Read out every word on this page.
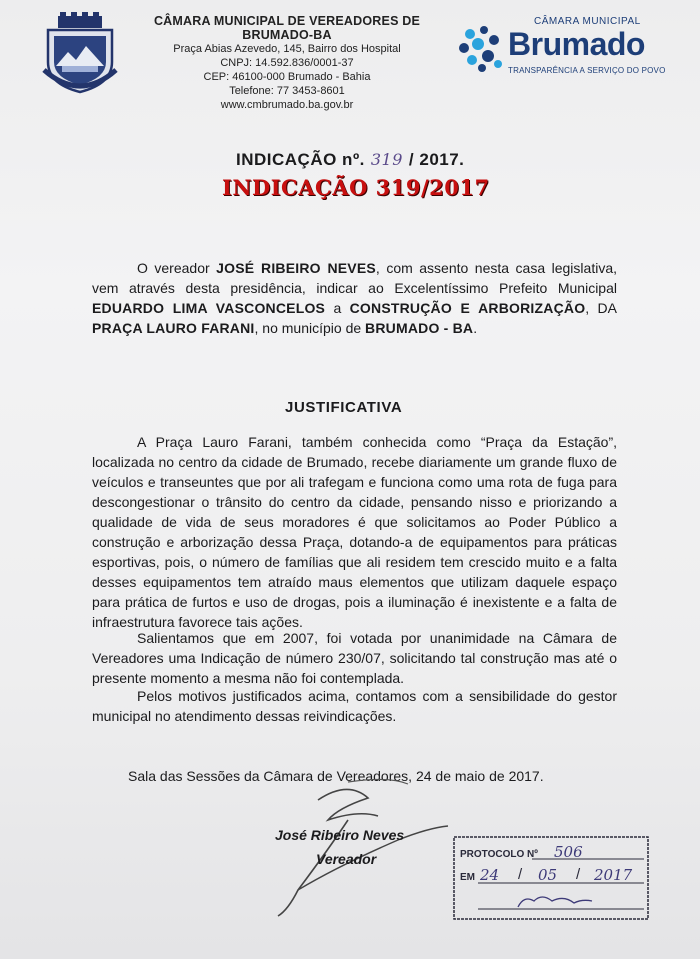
CÂMARA MUNICIPAL DE VEREADORES DE BRUMADO-BA
Praça Abias Azevedo, 145, Bairro dos Hospital
CNPJ: 14.592.836/0001-37
CEP: 46100-000 Brumado - Bahia
Telefone: 77 3453-8601
www.cmbrumado.ba.gov.br
CÂMARA MUNICIPAL
Brumado
TRANSPARÊNCIA A SERVIÇO DO POVO
INDICAÇÃO nº. 319 / 2017.
INDICAÇÃO 319/2017
O vereador JOSÉ RIBEIRO NEVES, com assento nesta casa legislativa, vem através desta presidência, indicar ao Excelentíssimo Prefeito Municipal EDUARDO LIMA VASCONCELOS a CONSTRUÇÃO E ARBORIZAÇÃO, DA PRAÇA LAURO FARANI, no município de BRUMADO - BA.
JUSTIFICATIVA
A Praça Lauro Farani, também conhecida como “Praça da Estação”, localizada no centro da cidade de Brumado, recebe diariamente um grande fluxo de veículos e transeuntes que por ali trafegam e funciona como uma rota de fuga para descongestionar o trânsito do centro da cidade, pensando nisso e priorizando a qualidade de vida de seus moradores é que solicitamos ao Poder Público a construção e arborização dessa Praça, dotando-a de equipamentos para práticas esportivas, pois, o número de famílias que ali residem tem crescido muito e a falta desses equipamentos tem atraído maus elementos que utilizam daquele espaço para prática de furtos e uso de drogas, pois a iluminação é inexistente e a falta de infraestrutura favorece tais ações.
Salientamos que em 2007, foi votada por unanimidade na Câmara de Vereadores uma Indicação de número 230/07, solicitando tal construção mas até o presente momento a mesma não foi contemplada.
Pelos motivos justificados acima, contamos com a sensibilidade do gestor municipal no atendimento dessas reivindicações.
Sala das Sessões da Câmara de Vereadores, 24 de maio de 2017.
José Ribeiro Neves
Vereador	PROTOCOLO Nº 506
EM 24 / 05 / 2017
